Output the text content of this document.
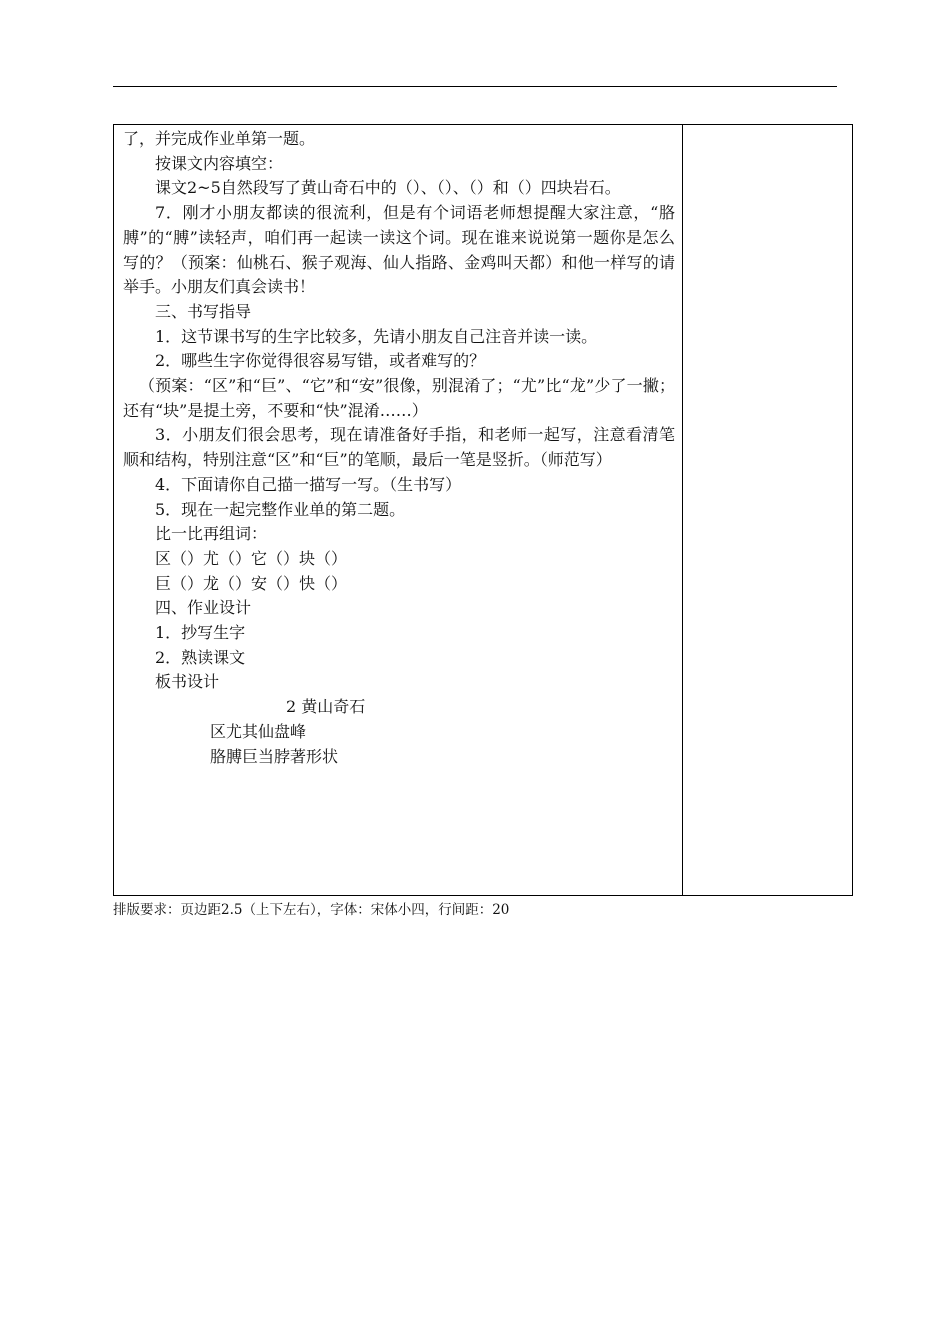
了，并完成作业单第一题。

按课文内容填空：

课文2~5自然段写了黄山奇石中的（）、（）、（）和（）四块岩石。

7．刚才小朋友都读的很流利，但是有个词语老师想提醒大家注意，“胳膊”的“膊”读轻声，咱们再一起读一读这个词。现在谁来说说第一题你是怎么写的？（预案：仙桃石、猴子观海、仙人指路、金鸡叫天都）和他一样写的请举手。小朋友们真会读书！

三、书写指导

1．这节课书写的生字比较多，先请小朋友自己注音并读一读。

2．哪些生字你觉得很容易写错，或者难写的？

（预案：“区”和“巨”、“它”和“安”很像，别混淆了；“尤”比“龙”少了一撇；还有“块”是提土旁，不要和“快”混淆……）

3．小朋友们很会思考，现在请准备好手指，和老师一起写，注意看清笔顺和结构，特别注意“区”和“巨”的笔顺，最后一笔是竖折。（师范写）

4．下面请你自己描一描写一写。（生书写）

5．现在一起完整作业单的第二题。

比一比再组词：

区（）尤（）它（）块（）

巨（）龙（）安（）快（）

四、作业设计

1．抄写生字

2．熟读课文

板书设计

2 黄山奇石

区尤其仙盘峰

胳膊巨当脖著形状

排版要求：页边距2.5（上下左右），字体：宋体小四，行间距：20
